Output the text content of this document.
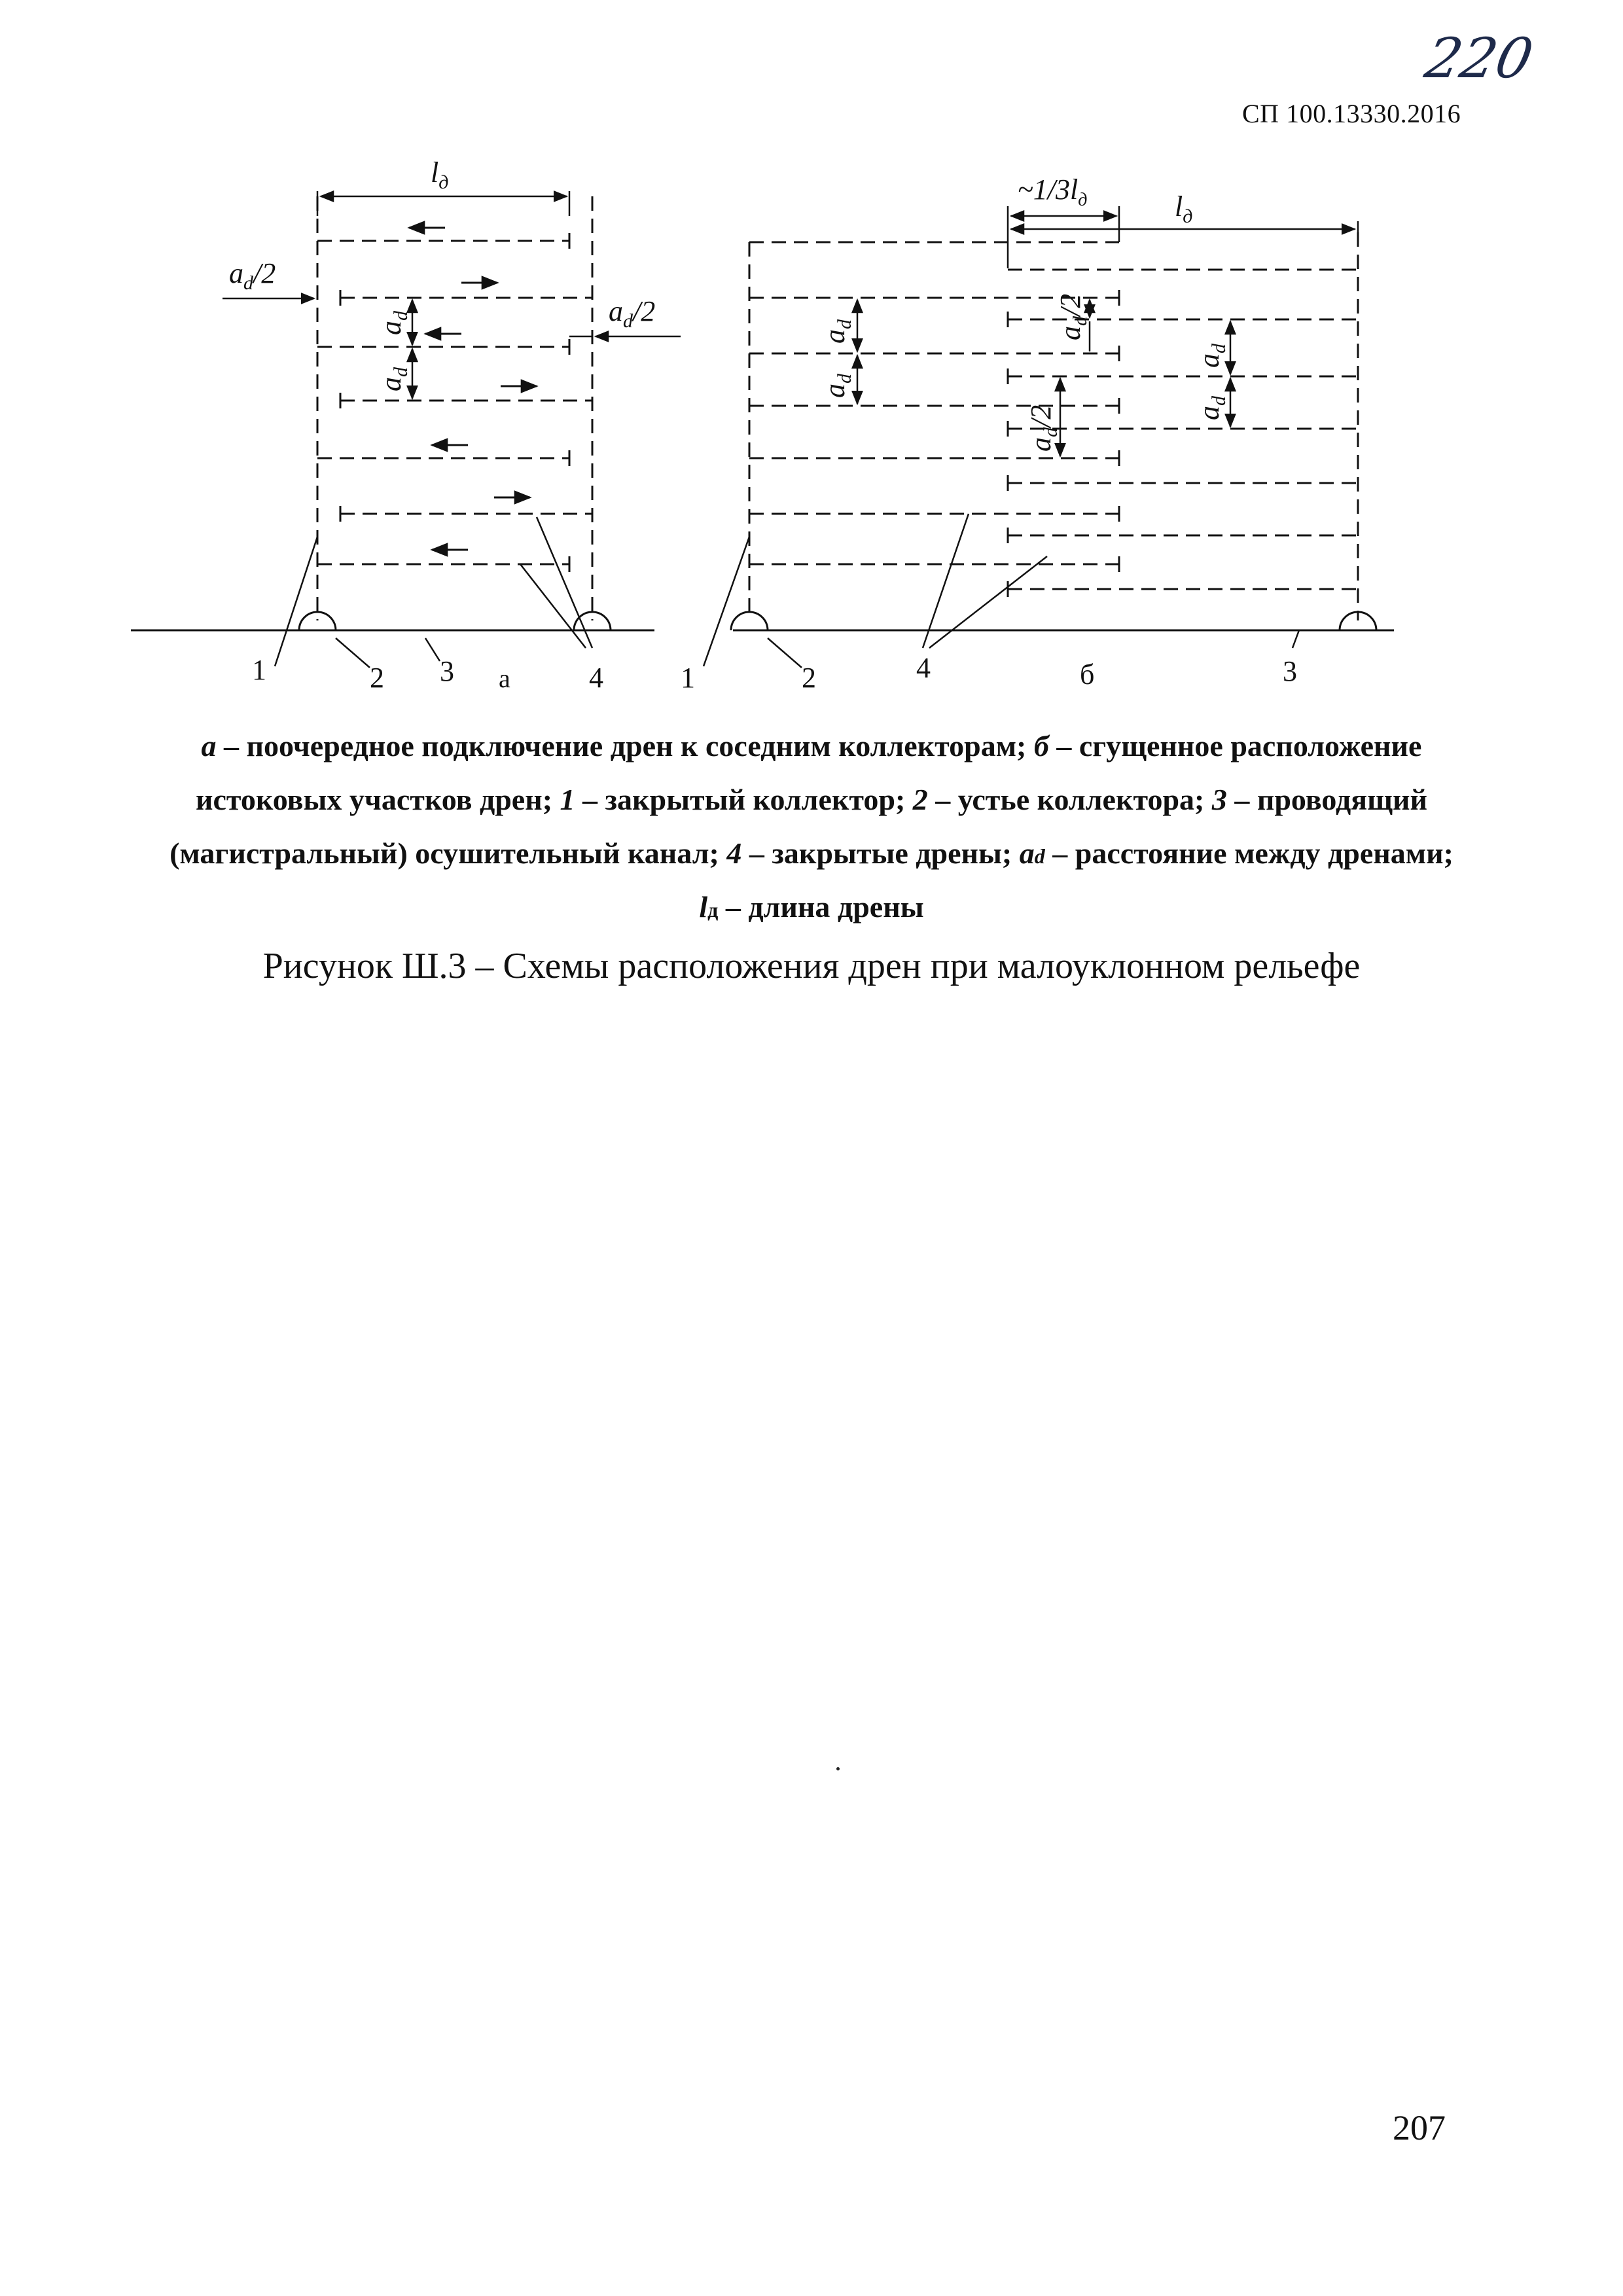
220
СП 100.13330.2016
$l_д$
$a_d/2$
$a_d/2$
$a_d$
$a_d$
1	2 3 а	4
$\sim 1/3l_д$	$l_д$
$a_d$
$a_d$
$a_d/2$
$a_d/2$
$a_d$
$a_d$
1	2	4	б	3
а – поочередное подключение дрен к соседним коллекторам; б – сгущенное расположение
истоковых участков дрен; 1 – закрытый коллектор; 2 – устье коллектора; 3 – проводящий
(магистральный) осушительный канал; 4 – закрытые дрены; ad – расстояние между дренами;
lд – длина дрены
Рисунок Ш.3 – Схемы расположения дрен при малоуклонном рельефе
207
